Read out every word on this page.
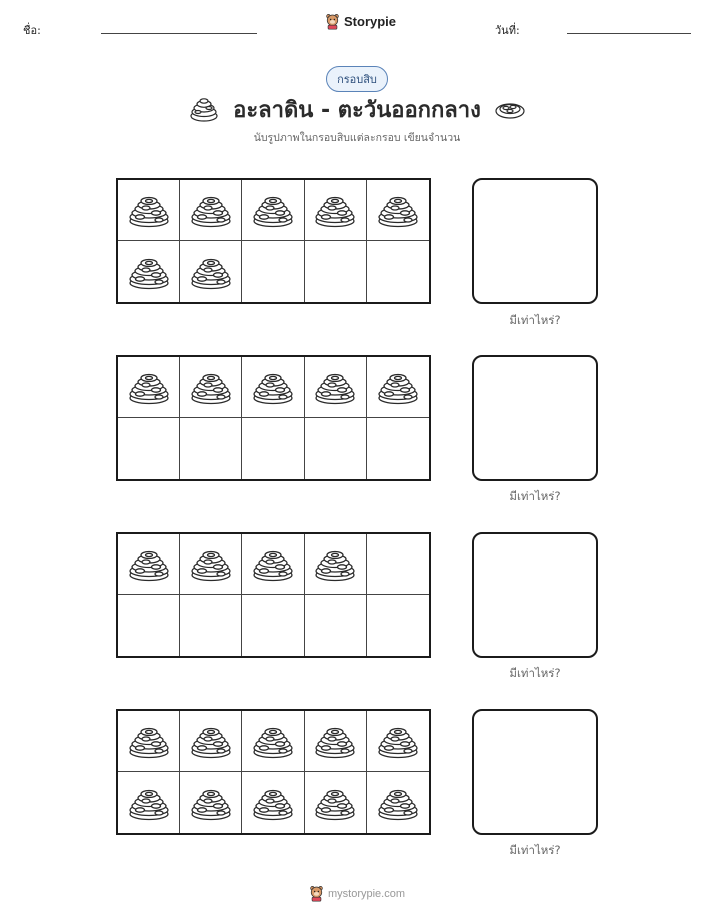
ชื่อ:
Storypie
วันที่:
กรอบสิบ
อะลาดิน - ตะวันออกกลาง
นับรูปภาพในกรอบสิบแต่ละกรอบ เขียนจำนวน
มีเท่าไหร่?
มีเท่าไหร่?
มีเท่าไหร่?
มีเท่าไหร่?
mystorypie.com
